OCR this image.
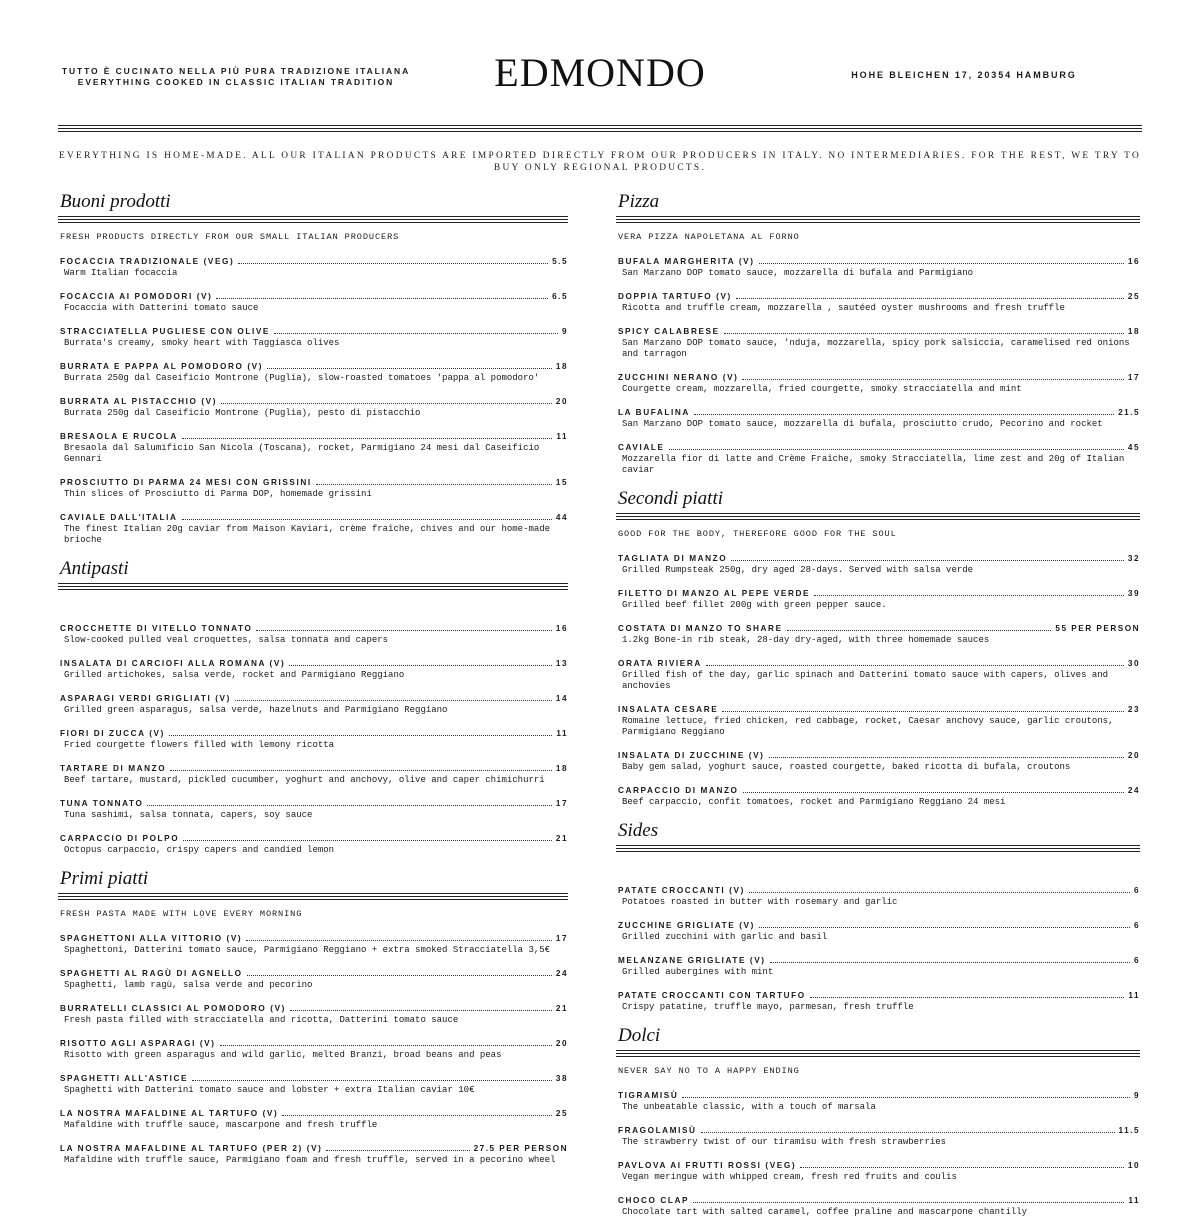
TUTTO È CUCINATO NELLA PIÙ PURA TRADIZIONE ITALIANA
EVERYTHING COOKED IN CLASSIC ITALIAN TRADITION	EDMONDO	HOHE BLEICHEN 17, 20354 HAMBURG
EVERYTHING IS HOME-MADE. ALL OUR ITALIAN PRODUCTS ARE IMPORTED DIRECTLY FROM OUR PRODUCERS IN ITALY. NO INTERMEDIARIES. FOR THE REST, WE TRY TO BUY ONLY REGIONAL PRODUCTS.
Buoni prodotti
FRESH PRODUCTS DIRECTLY FROM OUR SMALL ITALIAN PRODUCERS
FOCACCIA TRADIZIONALE (VEG)	5.5
Warm Italian focaccia
FOCACCIA AI POMODORI (V)	6.5
Focaccia with Datterini tomato sauce
STRACCIATELLA PUGLIESE CON OLIVE	9
Burrata's creamy, smoky heart with Taggiasca olives
BURRATA E PAPPA AL POMODORO (V)	18
Burrata 250g dal Caseificio Montrone (Puglia), slow-roasted tomatoes 'pappa al pomodoro'
BURRATA AL PISTACCHIO (V)	20
Burrata 250g dal Caseificio Montrone (Puglia), pesto di pistacchio
BRESAOLA E RUCOLA	11
Bresaola dal Salumificio San Nicola (Toscana), rocket, Parmigiano 24 mesi dal Caseificio Gennari
PROSCIUTTO DI PARMA 24 MESI CON GRISSINI	15
Thin slices of Prosciutto di Parma DOP, homemade grissini
CAVIALE DALL'ITALIA	44
The finest Italian 20g caviar from Maison Kaviari, crème fraîche, chives and our home-made brioche
Antipasti
CROCCHETTE DI VITELLO TONNATO	16
Slow-cooked pulled veal croquettes, salsa tonnata and capers
INSALATA DI CARCIOFI ALLA ROMANA (V)	13
Grilled artichokes, salsa verde, rocket and Parmigiano Reggiano
ASPARAGI VERDI GRIGLIATI (V)	14
Grilled green asparagus, salsa verde, hazelnuts and Parmigiano Reggiano
FIORI DI ZUCCA (V)	11
Fried courgette flowers filled with lemony ricotta
TARTARE DI MANZO	18
Beef tartare, mustard, pickled cucumber, yoghurt and anchovy, olive and caper chimichurri
TUNA TONNATO	17
Tuna sashimi, salsa tonnata, capers, soy sauce
CARPACCIO DI POLPO	21
Octopus carpaccio, crispy capers and candied lemon
Primi piatti
FRESH PASTA MADE WITH LOVE EVERY MORNING
SPAGHETTONI ALLA VITTORIO (V)	17
Spaghettoni, Datterini tomato sauce, Parmigiano Reggiano + extra smoked Stracciatella 3,5€
SPAGHETTI AL RAGÙ DI AGNELLO	24
Spaghetti, lamb ragù, salsa verde and pecorino
BURRATELLI CLASSICI AL POMODORO (V)	21
Fresh pasta filled with stracciatella and ricotta, Datterini tomato sauce
RISOTTO AGLI ASPARAGI (V)	20
Risotto with green asparagus and wild garlic, melted Branzi, broad beans and peas
SPAGHETTI ALL'ASTICE	38
Spaghetti with Datterini tomato sauce and lobster + extra Italian caviar 10€
LA NOSTRA MAFALDINE AL TARTUFO (V)	25
Mafaldine with truffle sauce, mascarpone and fresh truffle
LA NOSTRA MAFALDINE AL TARTUFO (PER 2) (V)	27.5 PER PERSON
Mafaldine with truffle sauce, Parmigiano foam and fresh truffle, served in a pecorino wheel
Pizza
VERA PIZZA NAPOLETANA AL FORNO
BUFALA MARGHERITA (V)	16
San Marzano DOP tomato sauce, mozzarella di bufala and Parmigiano
DOPPIA TARTUFO (V)	25
Ricotta and truffle cream, mozzarella , sautéed oyster mushrooms and fresh truffle
SPICY CALABRESE	18
San Marzano DOP tomato sauce, 'nduja, mozzarella, spicy pork salsiccia, caramelised red onions and tarragon
ZUCCHINI NERANO (V)	17
Courgette cream, mozzarella, fried courgette, smoky stracciatella and mint
LA BUFALINA	21.5
San Marzano DOP tomato sauce, mozzarella di bufala, prosciutto crudo, Pecorino and rocket
CAVIALE	45
Mozzarella fior di latte and Crème Fraîche, smoky Stracciatella, lime zest and 20g of Italian caviar
Secondi piatti
GOOD FOR THE BODY, THEREFORE GOOD FOR THE SOUL
TAGLIATA DI MANZO	32
Grilled Rumpsteak 250g, dry aged 28-days. Served with salsa verde
FILETTO DI MANZO AL PEPE VERDE	39
Grilled beef fillet 200g with green pepper sauce.
COSTATA DI MANZO TO SHARE	55 PER PERSON
1.2kg Bone-in rib steak, 28-day dry-aged, with three homemade sauces
ORATA RIVIERA	30
Grilled fish of the day, garlic spinach and Datterini tomato sauce with capers, olives and anchovies
INSALATA CESARE	23
Romaine lettuce, fried chicken, red cabbage, rocket, Caesar anchovy sauce, garlic croutons, Parmigiano Reggiano
INSALATA DI ZUCCHINE (V)	20
Baby gem salad, yoghurt sauce, roasted courgette, baked ricotta di bufala, croutons
CARPACCIO DI MANZO	24
Beef carpaccio, confit tomatoes, rocket and Parmigiano Reggiano 24 mesi
Sides
PATATE CROCCANTI (V)	6
Potatoes roasted in butter with rosemary and garlic
ZUCCHINE GRIGLIATE (V)	6
Grilled zucchini with garlic and basil
MELANZANE GRIGLIATE (V)	6
Grilled aubergines with mint
PATATE CROCCANTI CON TARTUFO	11
Crispy patatine, truffle mayo, parmesan, fresh truffle
Dolci
NEVER SAY NO TO A HAPPY ENDING
TIGRAMISÙ	9
The unbeatable classic, with a touch of marsala
FRAGOLAMISÙ	11.5
The strawberry twist of our tiramisu with fresh strawberries
PAVLOVA AI FRUTTI ROSSI (VEG)	10
Vegan meringue with whipped cream, fresh red fruits and coulis
CHOCO CLAP	11
Chocolate tart with salted caramel, coffee praline and mascarpone chantilly
